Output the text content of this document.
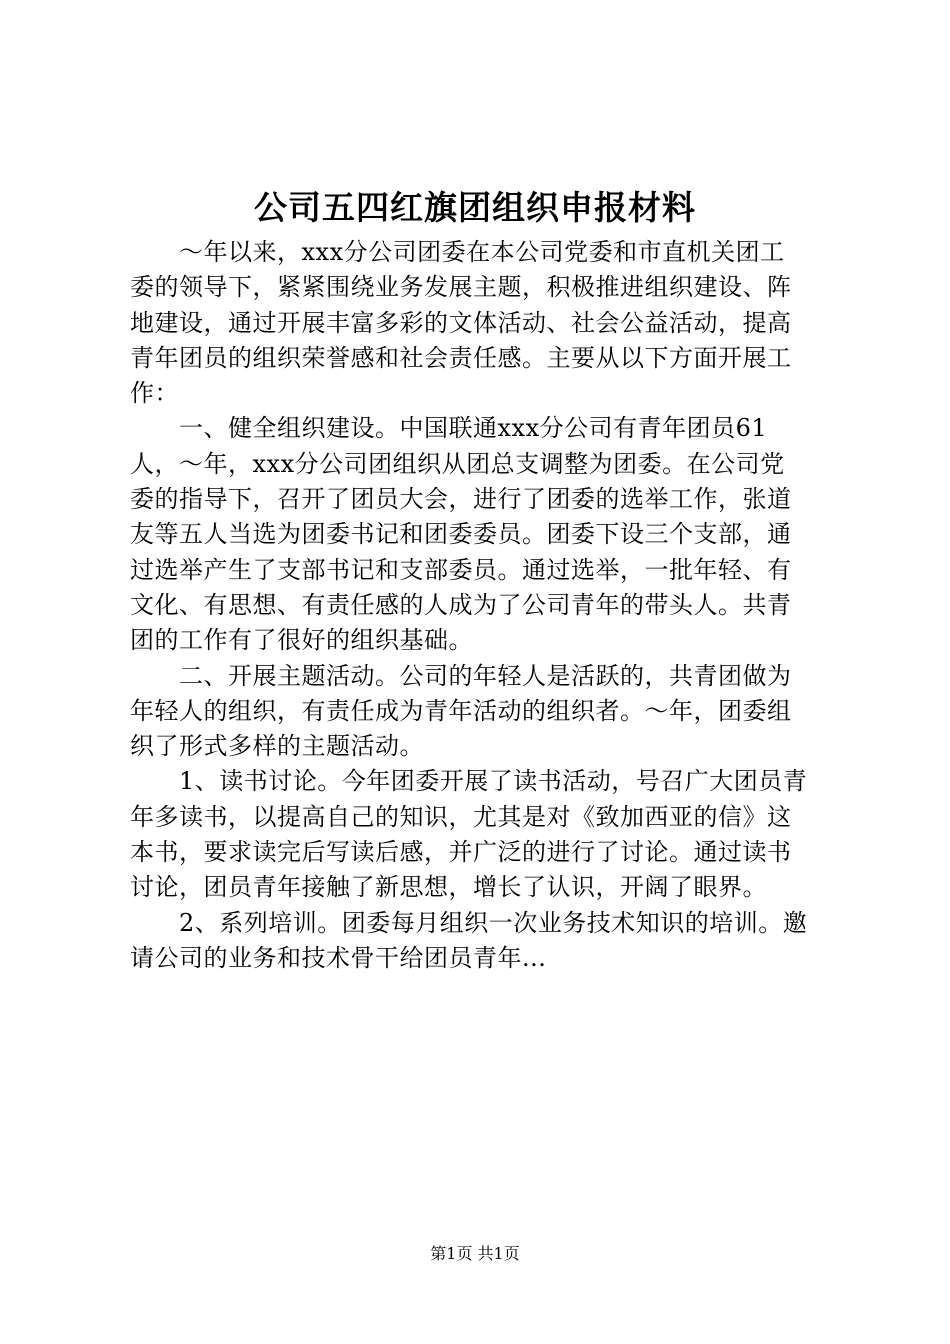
公司五四红旗团组织申报材料
　　～年以来，xxx分公司团委在本公司党委和市直机关团工
委的领导下，紧紧围绕业务发展主题，积极推进组织建设、阵
地建设，通过开展丰富多彩的文体活动、社会公益活动，提高
青年团员的组织荣誉感和社会责任感。主要从以下方面开展工
作：
　　一、健全组织建设。中国联通xxx分公司有青年团员61
人，～年，xxx分公司团组织从团总支调整为团委。在公司党
委的指导下，召开了团员大会，进行了团委的选举工作，张道
友等五人当选为团委书记和团委委员。团委下设三个支部，通
过选举产生了支部书记和支部委员。通过选举，一批年轻、有
文化、有思想、有责任感的人成为了公司青年的带头人。共青
团的工作有了很好的组织基础。
　　二、开展主题活动。公司的年轻人是活跃的，共青团做为
年轻人的组织，有责任成为青年活动的组织者。～年，团委组
织了形式多样的主题活动。
　　1、读书讨论。今年团委开展了读书活动，号召广大团员青
年多读书，以提高自己的知识，尤其是对《致加西亚的信》这
本书，要求读完后写读后感，并广泛的进行了讨论。通过读书
讨论，团员青年接触了新思想，增长了认识，开阔了眼界。
　　2、系列培训。团委每月组织一次业务技术知识的培训。邀
请公司的业务和技术骨干给团员青年...
第1页 共1页
